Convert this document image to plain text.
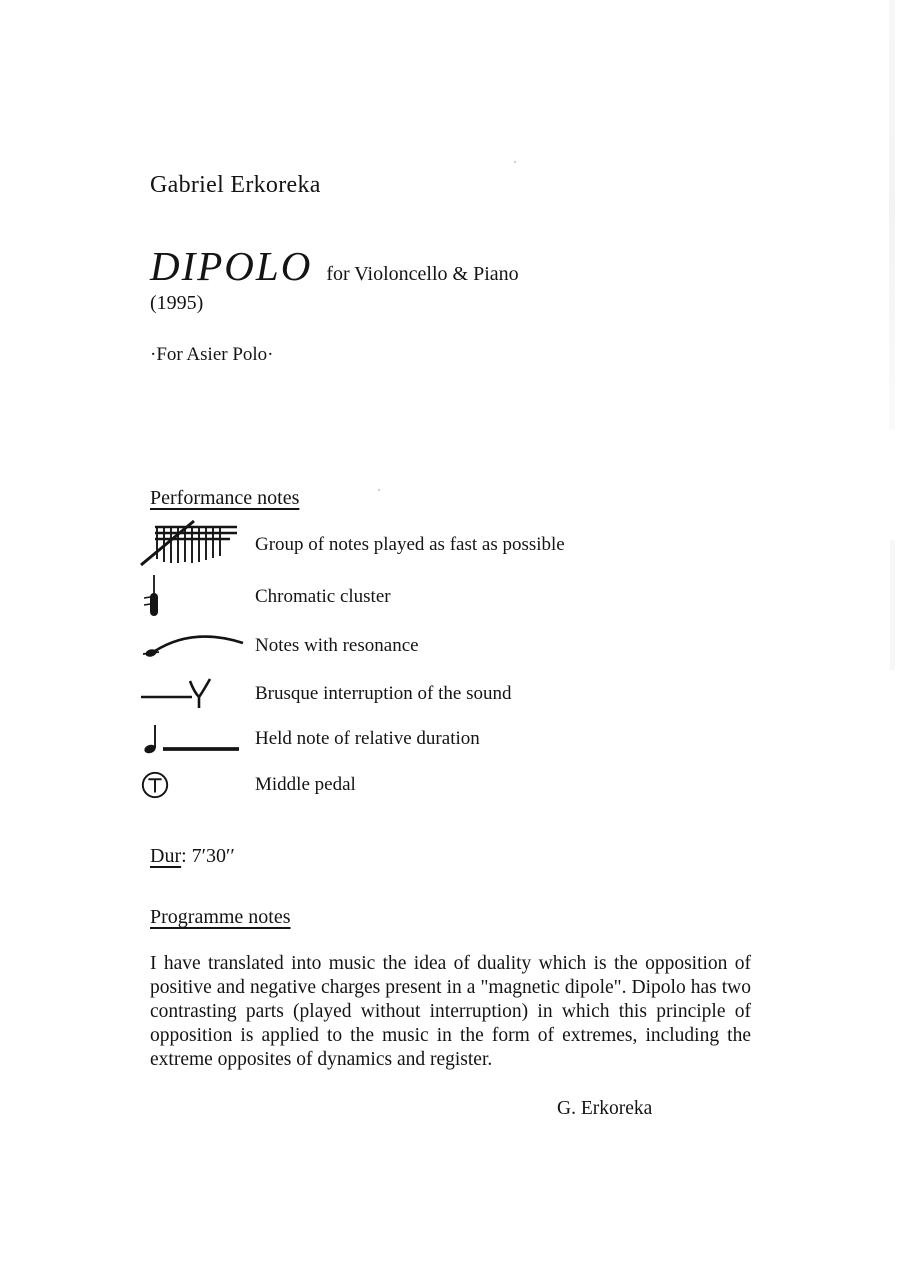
Gabriel Erkoreka
DIPOLO for Violoncello & Piano
(1995)
·For Asier Polo·
Performance notes
Group of notes played as fast as possible
Chromatic cluster
Notes with resonance
Brusque interruption of the sound
Held note of relative duration
Middle pedal
Dur: 7′30′′
Programme notes
I have translated into music the idea of duality which is the opposition of positive and negative charges present in a "magnetic dipole". Dipolo has two contrasting parts (played without interruption) in which this principle of opposition is applied to the music in the form of extremes, including the extreme opposites of dynamics and register.
G. Erkoreka
